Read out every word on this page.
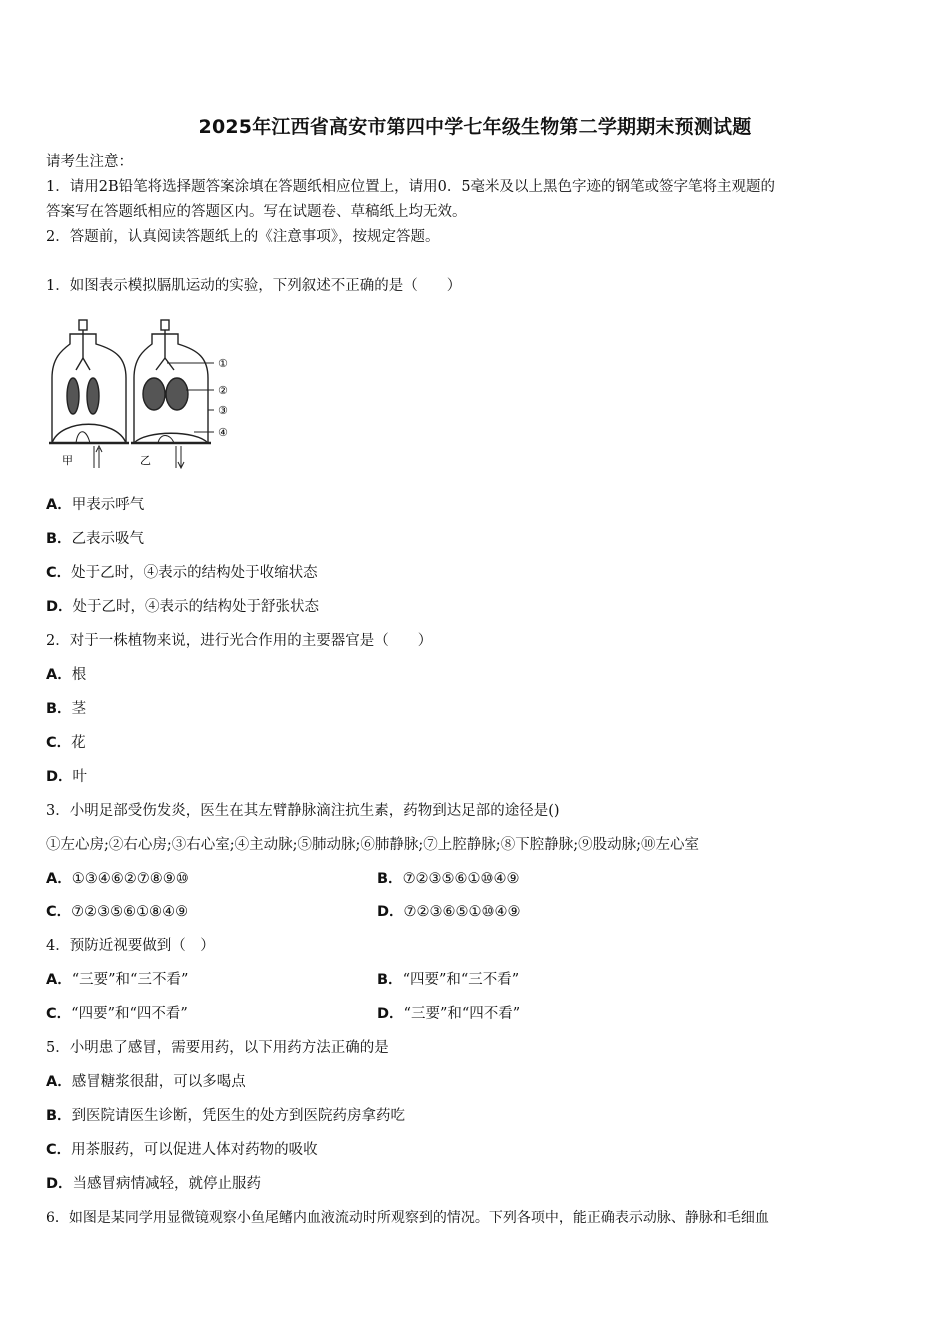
2025年江西省高安市第四中学七年级生物第二学期期末预测试题
请考生注意：
1．请用2B铅笔将选择题答案涂填在答题纸相应位置上，请用0．5毫米及以上黑色字迹的钢笔或签字笔将主观题的
答案写在答题纸相应的答题区内。写在试题卷、草稿纸上均无效。
2．答题前，认真阅读答题纸上的《注意事项》，按规定答题。
1．如图表示模拟膈肌运动的实验，下列叙述不正确的是（　　）
①
②
③
④
甲	乙
A．甲表示呼气
B．乙表示吸气
C．处于乙时，④表示的结构处于收缩状态
D．处于乙时，④表示的结构处于舒张状态
2．对于一株植物来说，进行光合作用的主要器官是（　　）
A．根
B．茎
C．花
D．叶
3．小明足部受伤发炎，医生在其左臂静脉滴注抗生素，药物到达足部的途径是()
①左心房;②右心房;③右心室;④主动脉;⑤肺动脉;⑥肺静脉;⑦上腔静脉;⑧下腔静脉;⑨股动脉;⑩左心室
A．①③④⑥②⑦⑧⑨⑩	B．⑦②③⑤⑥①⑩④⑨
C．⑦②③⑤⑥①⑧④⑨	D．⑦②③⑥⑤①⑩④⑨
4．预防近视要做到（　）
A．“三要”和“三不看”	B．“四要”和“三不看”
C．“四要”和“四不看”	D．“三要”和“四不看”
5．小明患了感冒，需要用药，以下用药方法正确的是
A．感冒糖浆很甜，可以多喝点
B．到医院请医生诊断，凭医生的处方到医院药房拿药吃
C．用茶服药，可以促进人体对药物的吸收
D．当感冒病情减轻，就停止服药
6．如图是某同学用显微镜观察小鱼尾鳍内血液流动时所观察到的情况。下列各项中，能正确表示动脉、静脉和毛细血
